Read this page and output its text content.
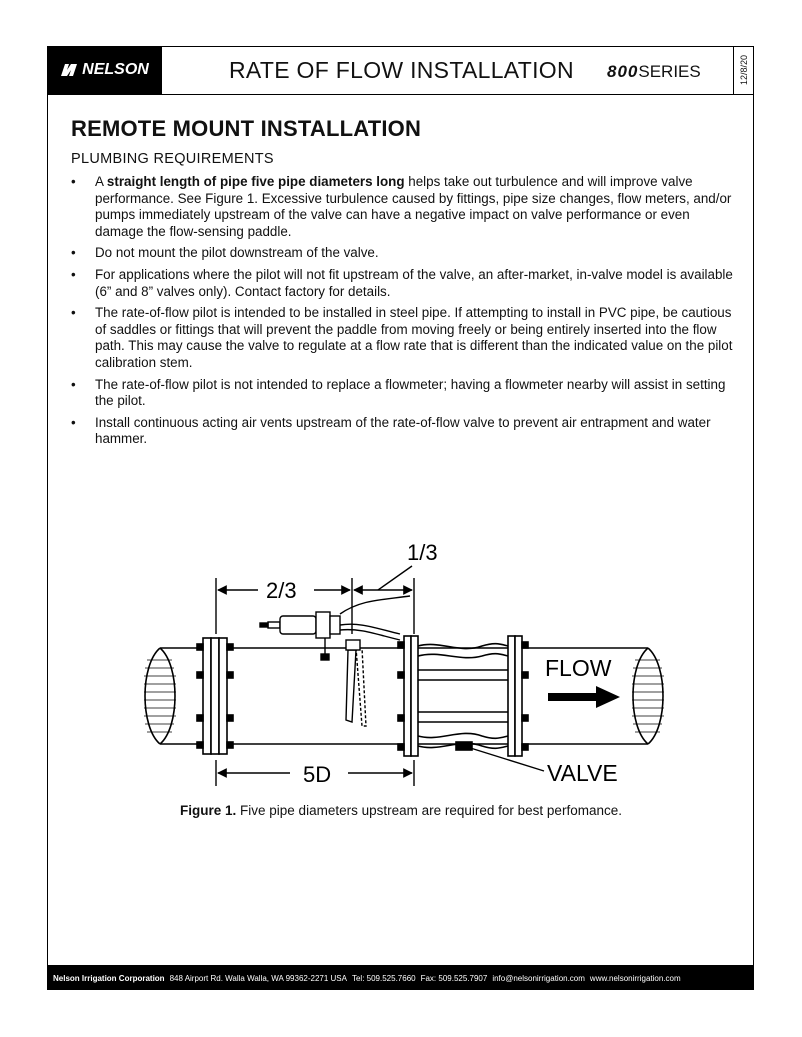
NELSON	RATE OF FLOW INSTALLATION 800SERIES	12/8/20
REMOTE MOUNT INSTALLATION
PLUMBING REQUIREMENTS
• A straight length of pipe five pipe diameters long helps take out turbulence and will improve valve performance. See Figure 1. Excessive turbulence caused by fittings, pipe size changes, flow meters, and/or pumps immediately upstream of the valve can have a negative impact on valve performance or even damage the flow-sensing paddle.
• Do not mount the pilot downstream of the valve.
• For applications where the pilot will not fit upstream of the valve, an after-market, in-valve model is available (6” and 8” valves only). Contact factory for details.
• The rate-of-flow pilot is intended to be installed in steel pipe. If attempting to install in PVC pipe, be cautious of saddles or fittings that will prevent the paddle from moving freely or being entirely inserted into the flow path. This may cause the valve to regulate at a flow rate that is different than the indicated value on the pilot calibration stem.
• The rate-of-flow pilot is not intended to replace a flowmeter; having a flowmeter nearby will assist in setting the pilot.
• Install continuous acting air vents upstream of the rate-of-flow valve to prevent air entrapment and water hammer.
2/3
1/3
5D
FLOW
VALVE
Figure 1. Five pipe diameters upstream are required for best perfomance.
Nelson Irrigation Corporation 848 Airport Rd. Walla Walla, WA 99362-2271 USA Tel: 509.525.7660 Fax: 509.525.7907 info@nelsonirrigation.com www.nelsonirrigation.com
